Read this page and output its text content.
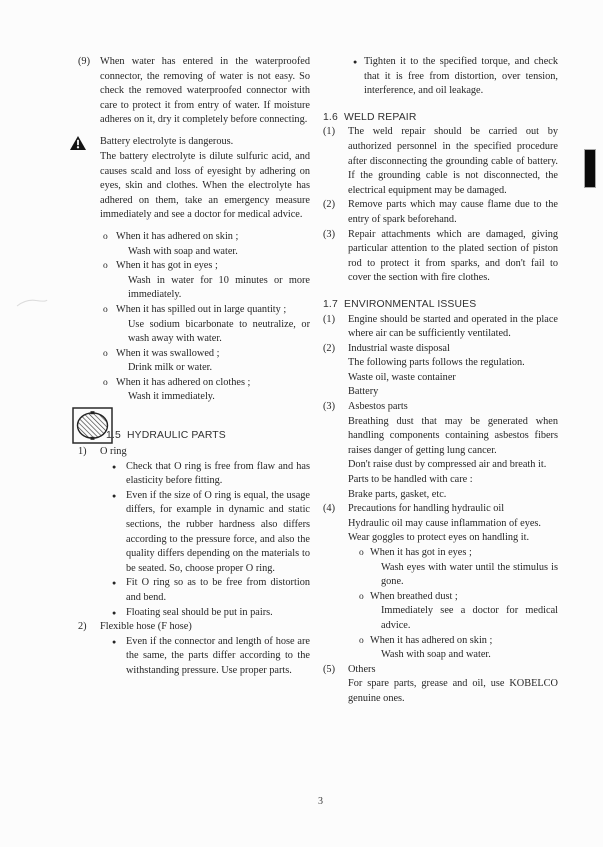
(9) When water has entered in the waterproofed connector, the removing of water is not easy. So check the removed waterproofed connector with care to protect it from entry of water. If moisture adheres on it, dry it completely before connecting.
Battery electrolyte is dangerous.
The battery electrolyte is dilute sulfuric acid, and causes scald and loss of eyesight by adhering on eyes, skin and clothes. When the electrolyte has adhered on them, take an emergency measure immediately and see a doctor for medical advice.
o When it has adhered on skin ;
Wash with soap and water.
o When it has got in eyes ;
Wash in water for 10 minutes or more immediately.
o When it has spilled out in large quantity ;
Use sodium bicarbonate to neutralize, or wash away with water.
o When it was swallowed ;
Drink milk or water.
o When it has adhered on clothes ;
Wash it immediately.
1.5 HYDRAULIC PARTS
1)	O ring
● Check that O ring is free from flaw and has elasticity before fitting.
● Even if the size of O ring is equal, the usage differs, for example in dynamic and static sections, the rubber hardness also differs according to the pressure force, and also the quality differs depending on the materials to be seated. So, choose proper O ring.
● Fit O ring so as to be free from distortion and bend.
● Floating seal should be put in pairs.
2)	Flexible hose (F hose)
● Even if the connector and length of hose are the same, the parts differ according to the withstanding pressure. Use proper parts.
● Tighten it to the specified torque, and check that it is free from distortion, over tension, interference, and oil leakage.
1.6 WELD REPAIR
(1)	The weld repair should be carried out by authorized personnel in the specified procedure after disconnecting the grounding cable of battery. If the grounding cable is not disconnected, the electrical equipment may be damaged.
(2)	Remove parts which may cause flame due to the entry of spark beforehand.
(3)	Repair attachments which are damaged, giving particular attention to the plated section of piston rod to protect it from sparks, and don't fail to cover the section with fire clothes.
1.7 ENVIRONMENTAL ISSUES
(1)	Engine should be started and operated in the place where air can be sufficiently ventilated.
(2)	Industrial waste disposal
The following parts follows the regulation.
Waste oil, waste container
Battery
(3)	Asbestos parts
Breathing dust that may be generated when handling components containing asbestos fibers raises danger of getting lung cancer.
Don't raise dust by compressed air and breath it.
Parts to be handled with care :
Brake parts, gasket, etc.
(4)	Precautions for handling hydraulic oil
Hydraulic oil may cause inflammation of eyes.
Wear goggles to protect eyes on handling it.
o When it has got in eyes ;
Wash eyes with water until the stimulus is gone.
o When breathed dust ;
Immediately see a doctor for medical advice.
o When it has adhered on skin ;
Wash with soap and water.
(5)	Others
For spare parts, grease and oil, use KOBELCO genuine ones.
3
